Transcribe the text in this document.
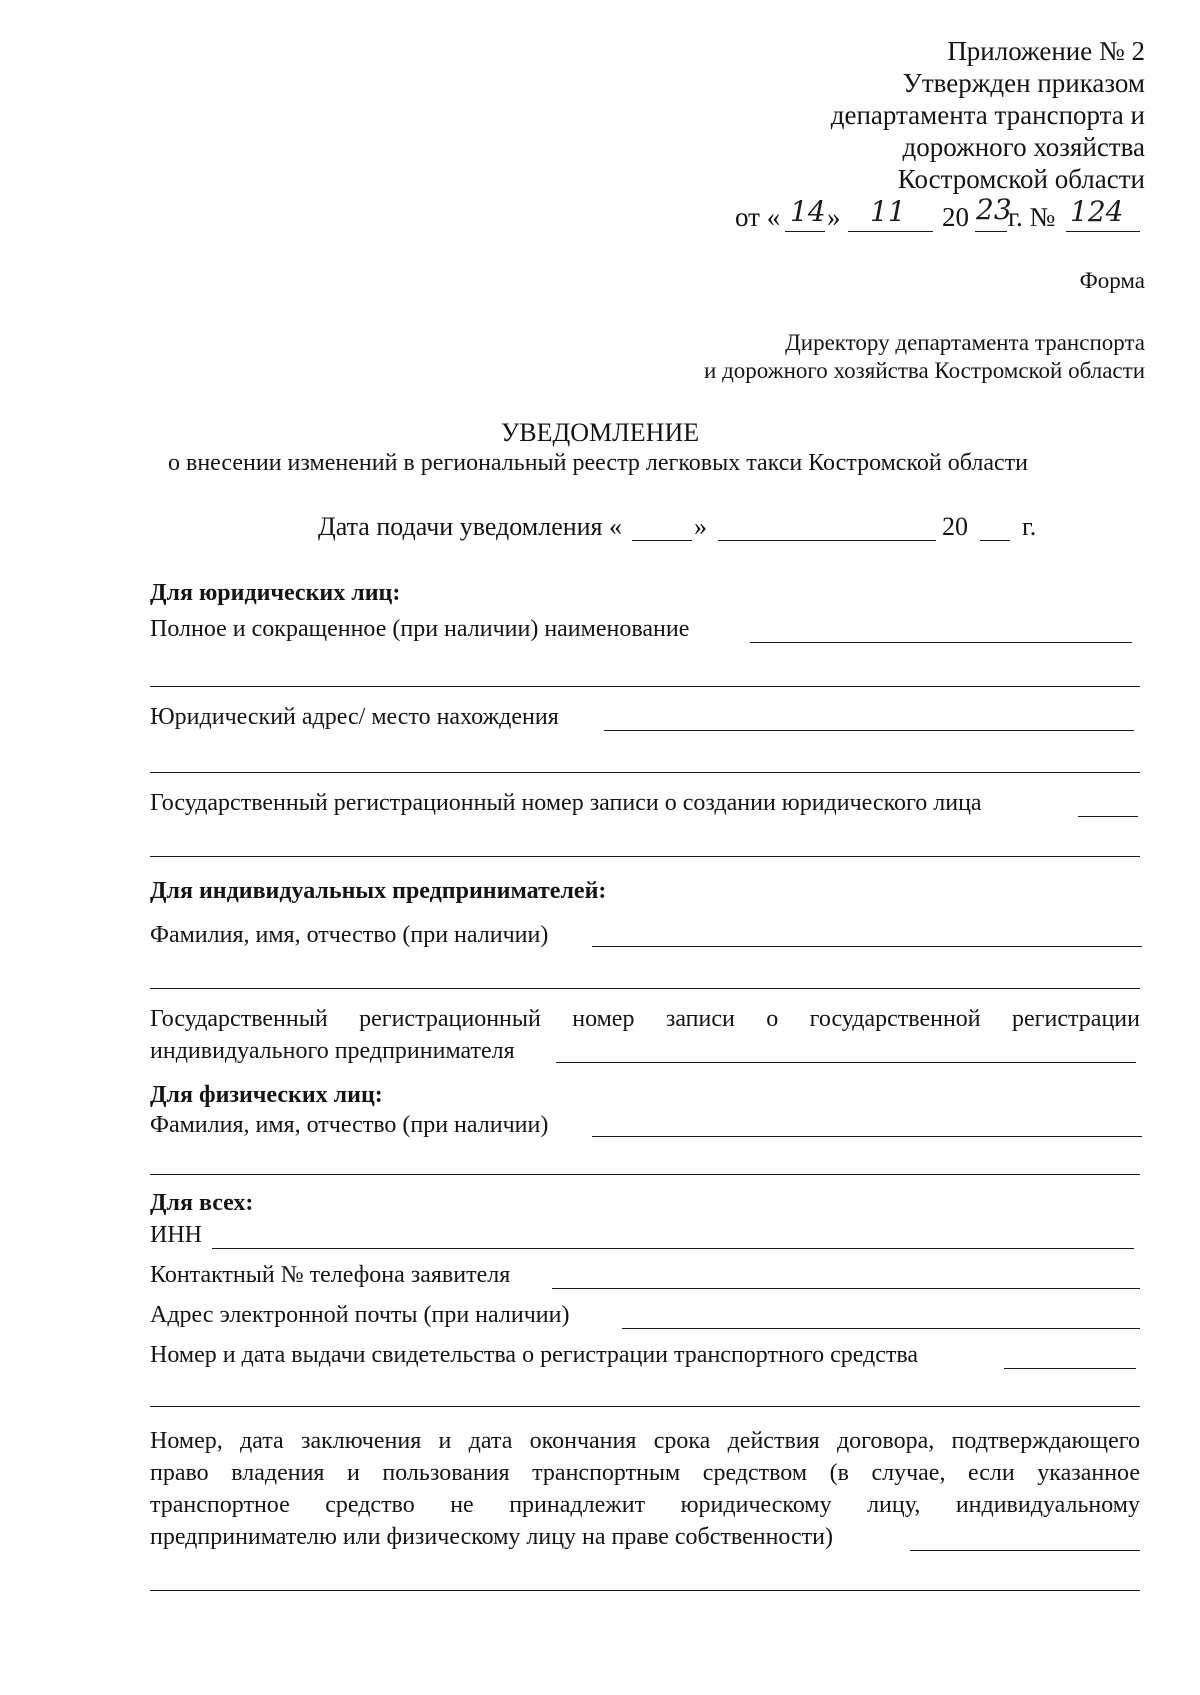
Приложение № 2
Утвержден приказом
департамента транспорта и
дорожного хозяйства
Костромской области
от « 14 » 11 20 23
г. № 124
Форма
Директору департамента транспорта
и дорожного хозяйства Костромской области
УВЕДОМЛЕНИЕ
о внесении изменений в региональный реестр легковых такси Костромской области
Дата подачи уведомления «	»	20 г.
Для юридических лиц:
Полное и сокращенное (при наличии) наименование
Юридический адрес/ место нахождения
Государственный регистрационный номер записи о создании юридического лица
Для индивидуальных предпринимателей:
Фамилия, имя, отчество (при наличии)
Государственный регистрационный номер записи о государственной регистрации
индивидуального предпринимателя
Для физических лиц:
Фамилия, имя, отчество (при наличии)
Для всех:
ИНН
Контактный № телефона заявителя
Адрес электронной почты (при наличии)
Номер и дата выдачи свидетельства о регистрации транспортного средства
Номер, дата заключения и дата окончания срока действия договора, подтверждающего
право владения и пользования транспортным средством (в случае, если указанное
транспортное средство не принадлежит юридическому лицу, индивидуальному
предпринимателю или физическому лицу на праве собственности)
